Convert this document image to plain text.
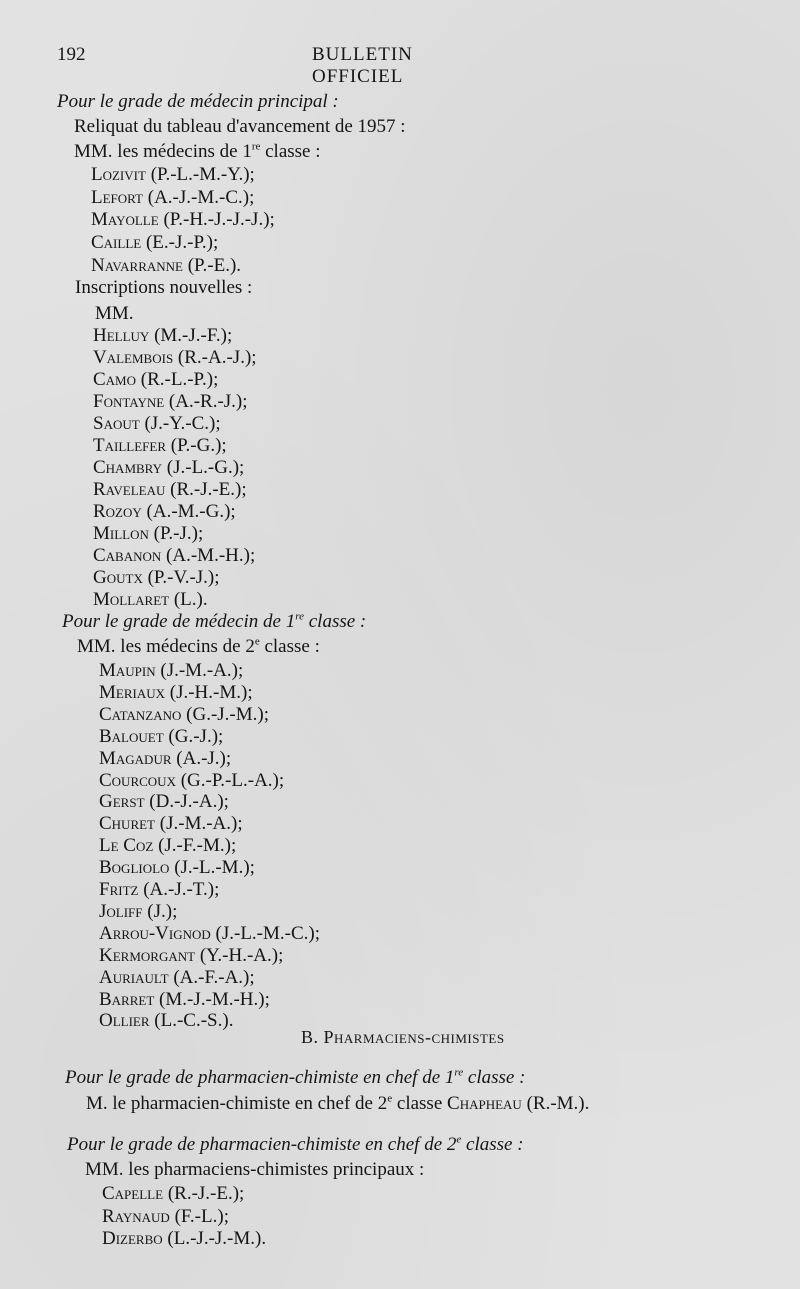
192	BULLETIN OFFICIEL
Pour le grade de médecin principal :
Reliquat du tableau d'avancement de 1957 :
MM. les médecins de 1re classe :
Lozivit (P.-L.-M.-Y.);
Lefort (A.-J.-M.-C.);
Mayolle (P.-H.-J.-J.-J.);
Caille (E.-J.-P.);
Navarranne (P.-E.).
Inscriptions nouvelles :
MM.
Helluy (M.-J.-F.);
Valembois (R.-A.-J.);
Camo (R.-L.-P.);
Fontayne (A.-R.-J.);
Saout (J.-Y.-C.);
Taillefer (P.-G.);
Chambry (J.-L.-G.);
Raveleau (R.-J.-E.);
Rozoy (A.-M.-G.);
Millon (P.-J.);
Cabanon (A.-M.-H.);
Goutx (P.-V.-J.);
Mollaret (L.).
Pour le grade de médecin de 1re classe :
MM. les médecins de 2e classe :
Maupin (J.-M.-A.);
Meriaux (J.-H.-M.);
Catanzano (G.-J.-M.);
Balouet (G.-J.);
Magadur (A.-J.);
Courcoux (G.-P.-L.-A.);
Gerst (D.-J.-A.);
Churet (J.-M.-A.);
Le Coz (J.-F.-M.);
Bogliolo (J.-L.-M.);
Fritz (A.-J.-T.);
Joliff (J.);
Arrou-Vignod (J.-L.-M.-C.);
Kermorgant (Y.-H.-A.);
Auriault (A.-F.-A.);
Barret (M.-J.-M.-H.);
Ollier (L.-C.-S.).
B. Pharmaciens-chimistes
Pour le grade de pharmacien-chimiste en chef de 1re classe :
M. le pharmacien-chimiste en chef de 2e classe Chapheau (R.-M.).
Pour le grade de pharmacien-chimiste en chef de 2e classe :
MM. les pharmaciens-chimistes principaux :
Capelle (R.-J.-E.);
Raynaud (F.-L.);
Dizerbo (L.-J.-J.-M.).
